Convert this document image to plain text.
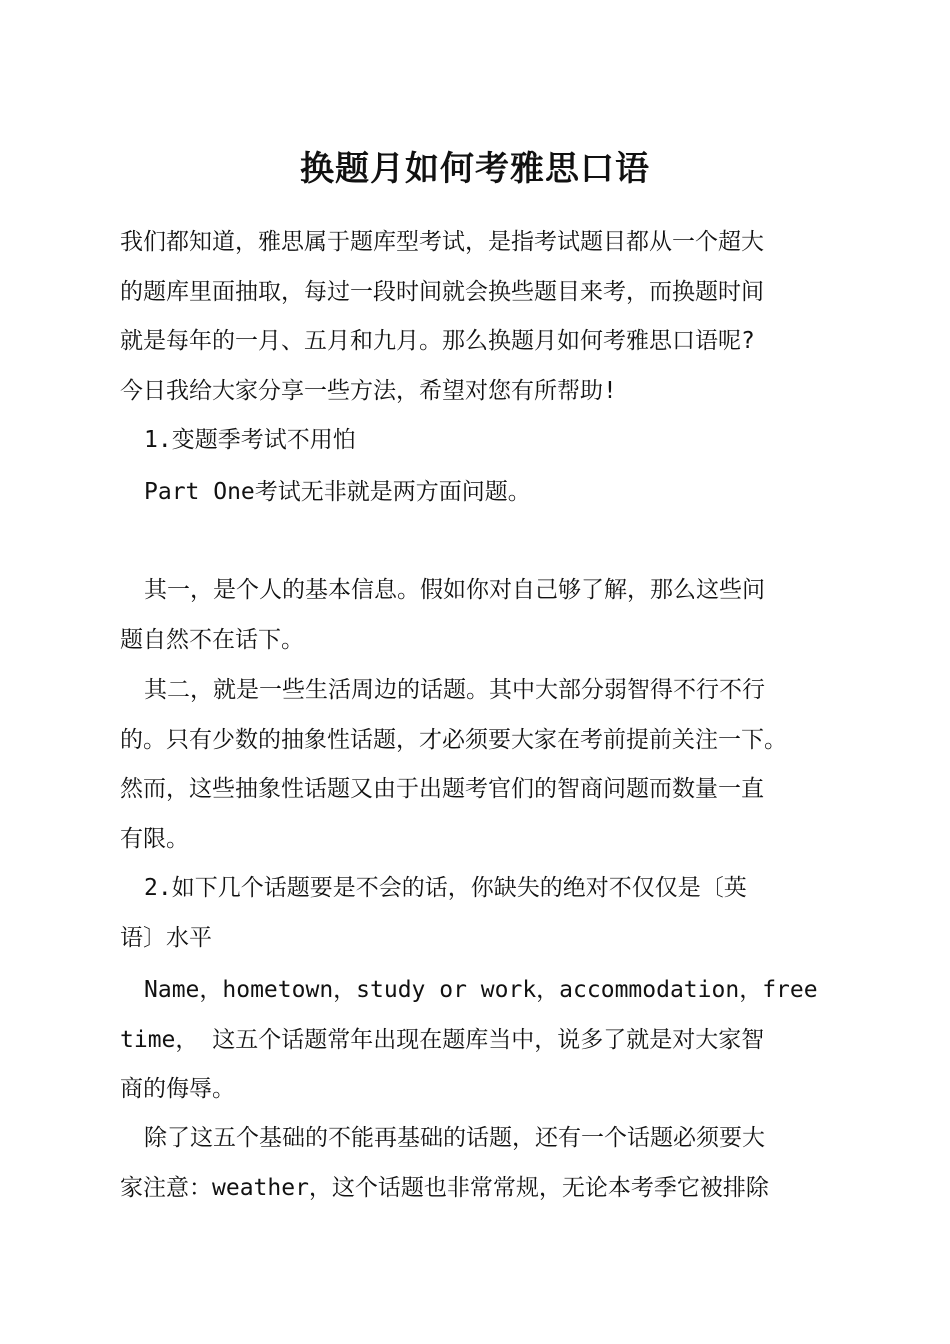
换题月如何考雅思口语
我们都知道，雅思属于题库型考试，是指考试题目都从一个超大
的题库里面抽取，每过一段时间就会换些题目来考，而换题时间
就是每年的一月、五月和九月。那么换题月如何考雅思口语呢?
今日我给大家分享一些方法，希望对您有所帮助!
1.变题季考试不用怕
Part One考试无非就是两方面问题。
其一，是个人的基本信息。假如你对自己够了解，那么这些问
题自然不在话下。
其二，就是一些生活周边的话题。其中大部分弱智得不行不行
的。只有少数的抽象性话题，才必须要大家在考前提前关注一下。
然而，这些抽象性话题又由于出题考官们的智商问题而数量一直
有限。
2.如下几个话题要是不会的话，你缺失的绝对不仅仅是〔英
语〕水平
Name，hometown，study or work，accommodation，free
time， 这五个话题常年出现在题库当中，说多了就是对大家智
商的侮辱。
除了这五个基础的不能再基础的话题，还有一个话题必须要大
家注意：weather，这个话题也非常常规，无论本考季它被排除
